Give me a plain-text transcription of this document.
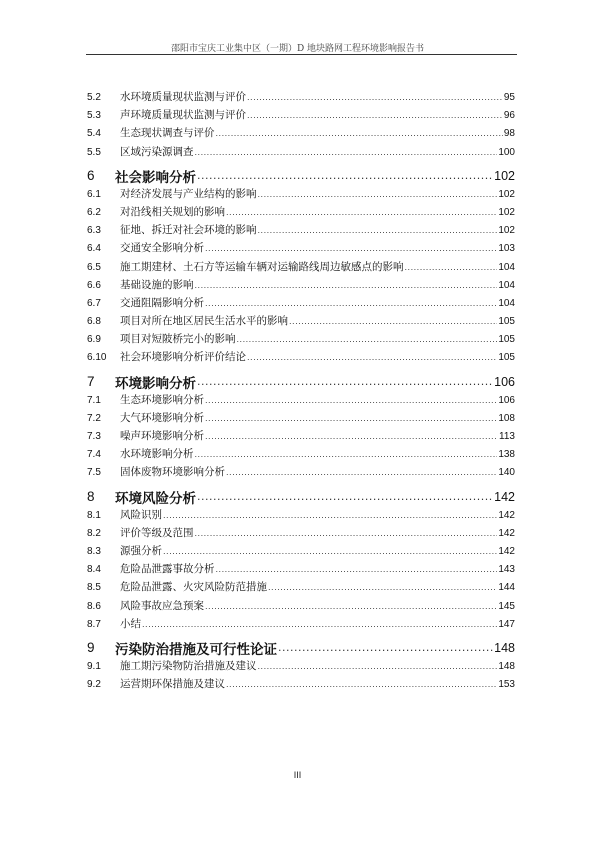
邵阳市宝庆工业集中区（一期）D 地块路网工程环境影响报告书
5.2	水环境质量现状监测与评价 .....	95
5.3	声环境质量现状监测与评价 .....	96
5.4	生态现状调查与评价 .....	98
5.5	区域污染源调查 .....	100
6	社会影响分析 .....	102
6.1	对经济发展与产业结构的影响 .....	102
6.2	对沿线相关规划的影响 .....	102
6.3	征地、拆迁对社会环境的影响 .....	102
6.4	交通安全影响分析 .....	103
6.5	施工期建材、土石方等运输车辆对运输路线周边敏感点的影响 .....	104
6.6	基础设施的影响 .....	104
6.7	交通阻隔影响分析 .....	104
6.8	项目对所在地区居民生活水平的影响 .....	105
6.9	项目对短陂桥完小的影响 .....	105
6.10	社会环境影响分析评价结论 .....	105
7	环境影响分析 .....	106
7.1	生态环境影响分析 .....	106
7.2	大气环境影响分析 .....	108
7.3	噪声环境影响分析 .....	113
7.4	水环境影响分析 .....	138
7.5	固体废物环境影响分析 .....	140
8	环境风险分析 .....	142
8.1	风险识别 .....	142
8.2	评价等级及范围 .....	142
8.3	源强分析 .....	142
8.4	危险品泄露事故分析 .....	143
8.5	危险品泄露、火灾风险防范措施 .....	144
8.6	风险事故应急预案 .....	145
8.7	小结 .....	147
9	污染防治措施及可行性论证 .....	148
9.1	施工期污染物防治措施及建议 .....	148
9.2	运营期环保措施及建议 .....	153
III
